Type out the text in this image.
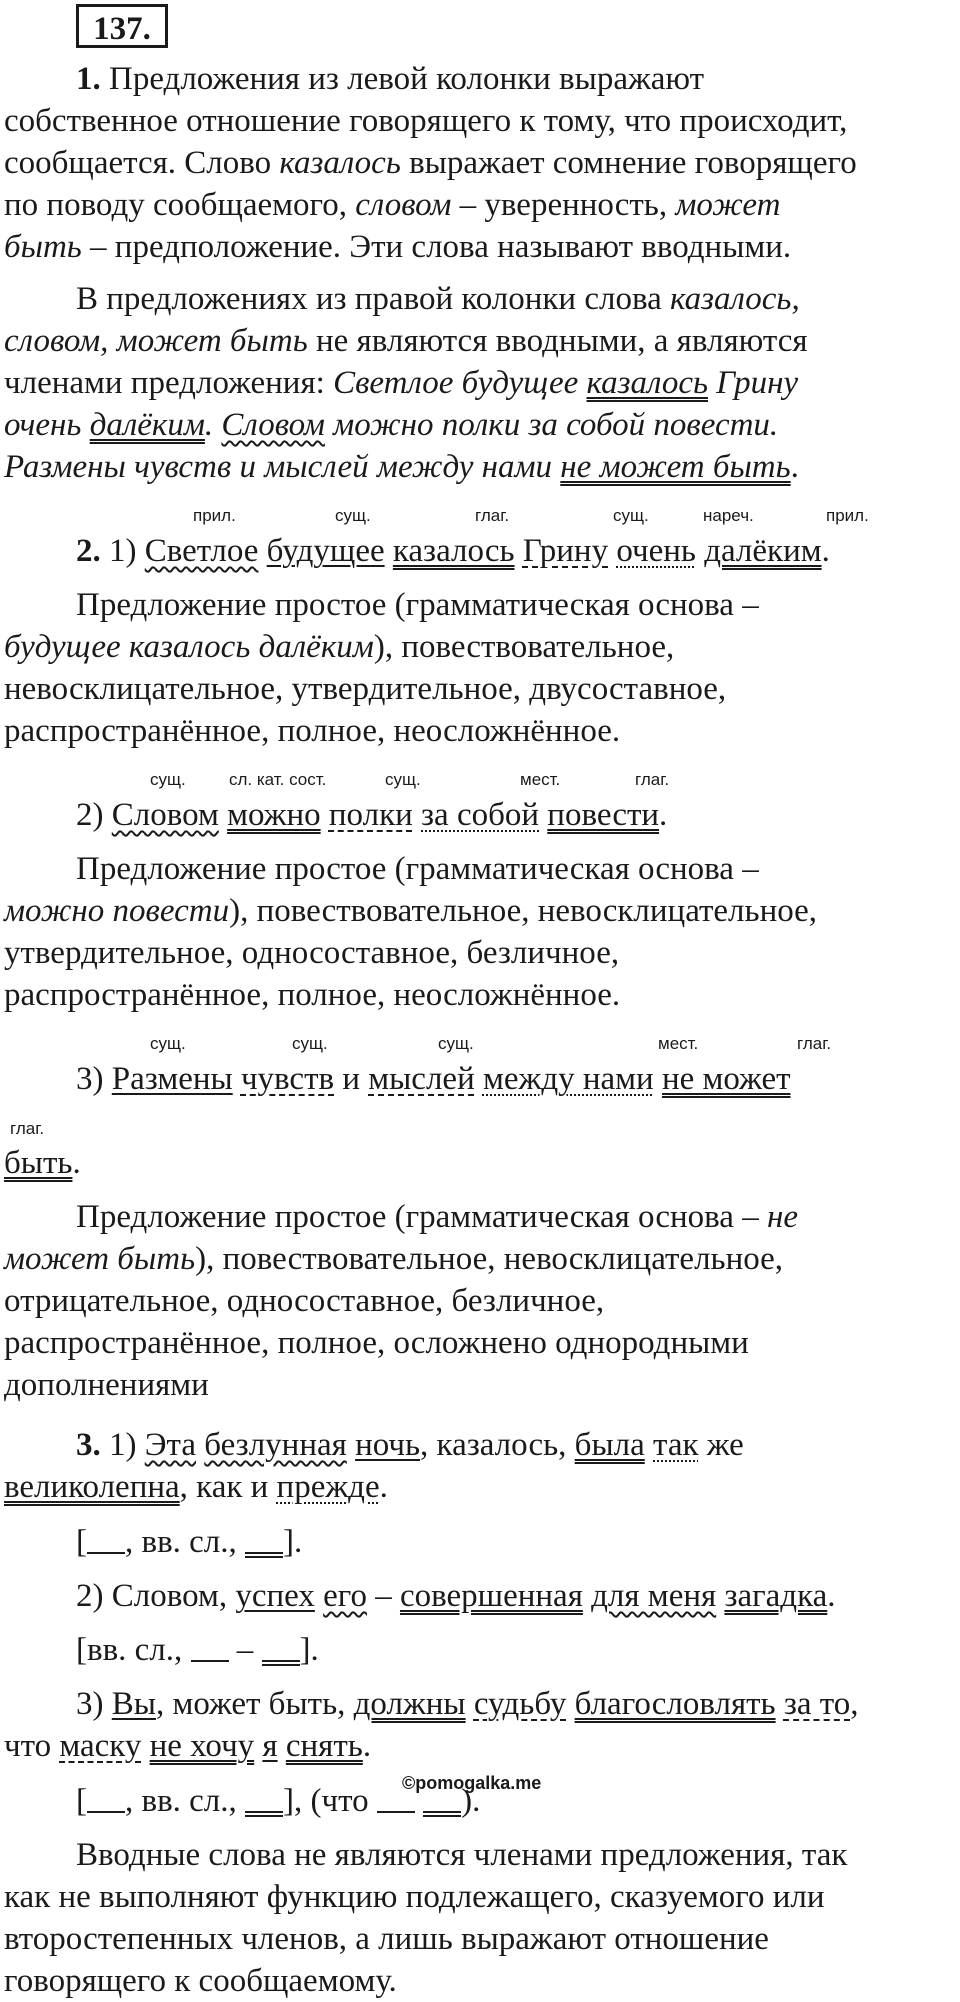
137.
1. Предложения из левой колонки выражают
собственное отношение говорящего к тому, что происходит,
сообщается. Слово казалось выражает сомнение говорящего
по поводу сообщаемого, словом – уверенность, может
быть – предположение. Эти слова называют вводными.
В предложениях из правой колонки слова казалось,
словом, может быть не являются вводными, а являются
членами предложения: Светлое будущее казалось Грину
очень далёким. Словом можно полки за собой повести.
Размены чувств и мыслей между нами не может быть.
прил.	сущ.	глаг.	сущ.	нареч.	прил.
2. 1) Светлое будущее казалось Грину очень далёким.
Предложение простое (грамматическая основа –
будущее казалось далёким), повествовательное,
невосклицательное, утвердительное, двусоставное,
распространённое, полное, неосложнённое.
сущ.	сл. кат. сост.	сущ.	мест.	глаг.
2) Словом можно полки за собой повести.
Предложение простое (грамматическая основа –
можно повести), повествовательное, невосклицательное,
утвердительное, односоставное, безличное,
распространённое, полное, неосложнённое.
сущ.	сущ.	сущ.	мест.	глаг.
глаг.
3) Размены чувств и мыслей между нами не может
быть.
Предложение простое (грамматическая основа – не
может быть), повествовательное, невосклицательное,
отрицательное, односоставное, безличное,
распространённое, полное, осложнено однородными
дополнениями
3. 1) Эта безлунная ночь, казалось, была так же
великолепна, как и прежде.
[ , вв. сл., ].
2) Словом, успех его – совершенная для меня загадка.
[вв. сл.,  – ].
3) Вы, может быть, должны судьбу благословлять за то,
что маску не хочу я снять.
[ , вв. сл., ], (что	).
©pomogalka.me
Вводные слова не являются членами предложения, так
как не выполняют функцию подлежащего, сказуемого или
второстепенных членов, а лишь выражают отношение
говорящего к сообщаемому.
